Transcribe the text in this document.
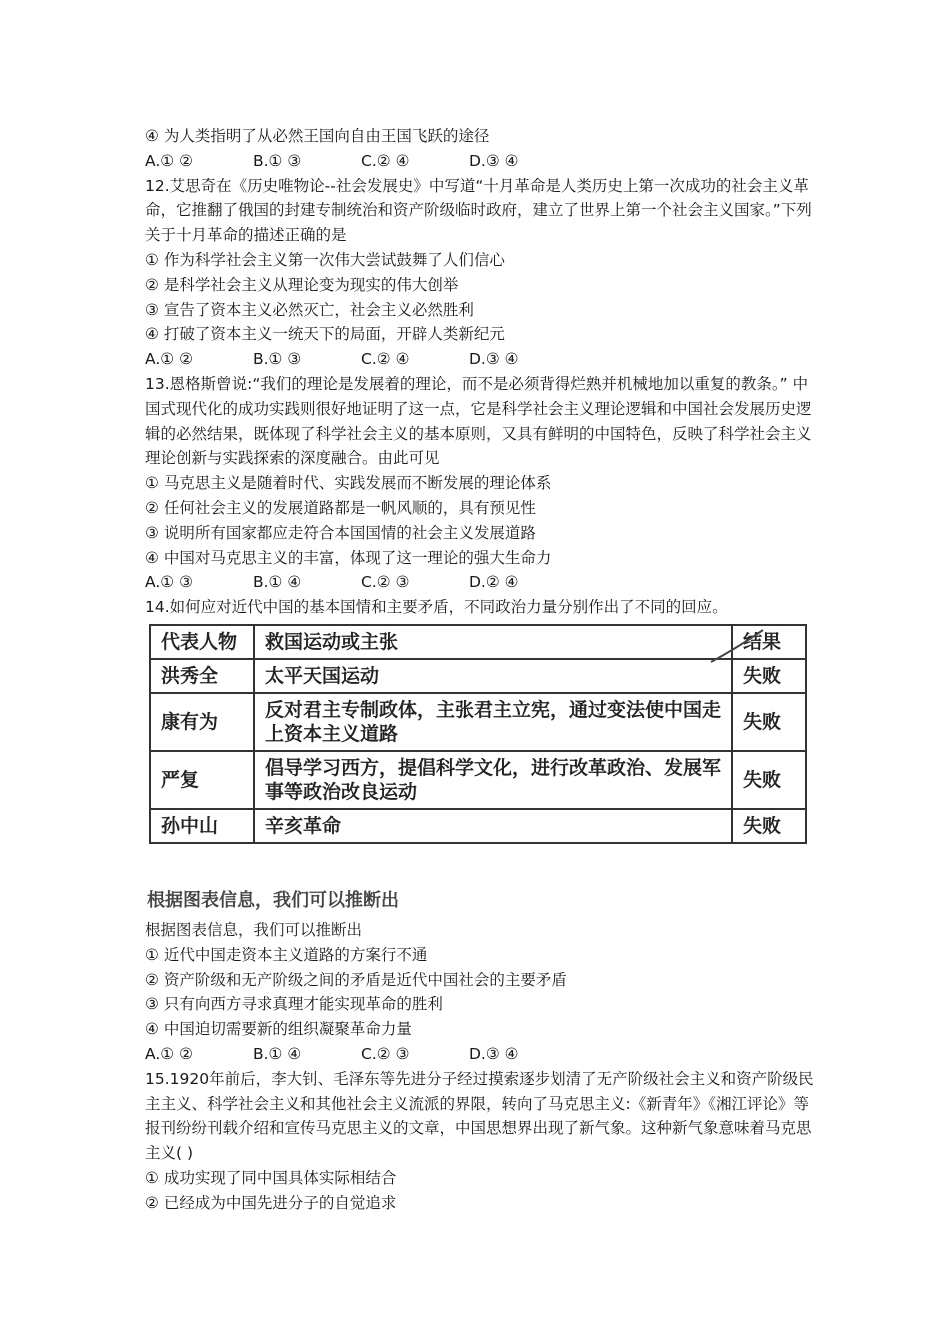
④ 为人类指明了从必然王国向自由王国飞跃的途径
A.① ②	B.① ③	C.② ④	D.③ ④
12.艾思奇在《历史唯物论--社会发展史》中写道“十月革命是人类历史上第一次成功的社会主义革命，它推翻了俄国的封建专制统治和资产阶级临时政府，建立了世界上第一个社会主义国家。”下列关于十月革命的描述正确的是
① 作为科学社会主义第一次伟大尝试鼓舞了人们信心
② 是科学社会主义从理论变为现实的伟大创举
③ 宣告了资本主义必然灭亡，社会主义必然胜利
④ 打破了资本主义一统天下的局面，开辟人类新纪元
A.① ②	B.① ③	C.② ④	D.③ ④
13.恩格斯曾说:“我们的理论是发展着的理论，而不是必须背得烂熟并机械地加以重复的教条。” 中国式现代化的成功实践则很好地证明了这一点，它是科学社会主义理论逻辑和中国社会发展历史逻辑的必然结果，既体现了科学社会主义的基本原则，又具有鲜明的中国特色，反映了科学社会主义理论创新与实践探索的深度融合。由此可见
① 马克思主义是随着时代、实践发展而不断发展的理论体系
② 任何社会主义的发展道路都是一帆风顺的，具有预见性
③ 说明所有国家都应走符合本国国情的社会主义发展道路
④ 中国对马克思主义的丰富，体现了这一理论的强大生命力
A.① ③	B.① ④	C.② ③	D.② ④
14.如何应对近代中国的基本国情和主要矛盾，不同政治力量分别作出了不同的回应。
代表人物	救国运动或主张	结果
洪秀全	太平天国运动	失败
康有为	反对君主专制政体，主张君主立宪，通过变法使中国走上资本主义道路	失败
严复	倡导学习西方，提倡科学文化，进行改革政治、发展军事等政治改良运动	失败
孙中山	辛亥革命	失败
根据图表信息，我们可以推断出
根据图表信息，我们可以推断出
① 近代中国走资本主义道路的方案行不通
② 资产阶级和无产阶级之间的矛盾是近代中国社会的主要矛盾
③ 只有向西方寻求真理才能实现革命的胜利
④ 中国迫切需要新的组织凝聚革命力量
A.① ②	B.① ④	C.② ③	D.③ ④
15.1920年前后，李大钊、毛泽东等先进分子经过摸索逐步划清了无产阶级社会主义和资产阶级民主主义、科学社会主义和其他社会主义流派的界限，转向了马克思主义:《新青年》《湘江评论》等报刊纷纷刊载介绍和宣传马克思主义的文章，中国思想界出现了新气象。这种新气象意味着马克思主义( )
① 成功实现了同中国具体实际相结合
② 已经成为中国先进分子的自觉追求
